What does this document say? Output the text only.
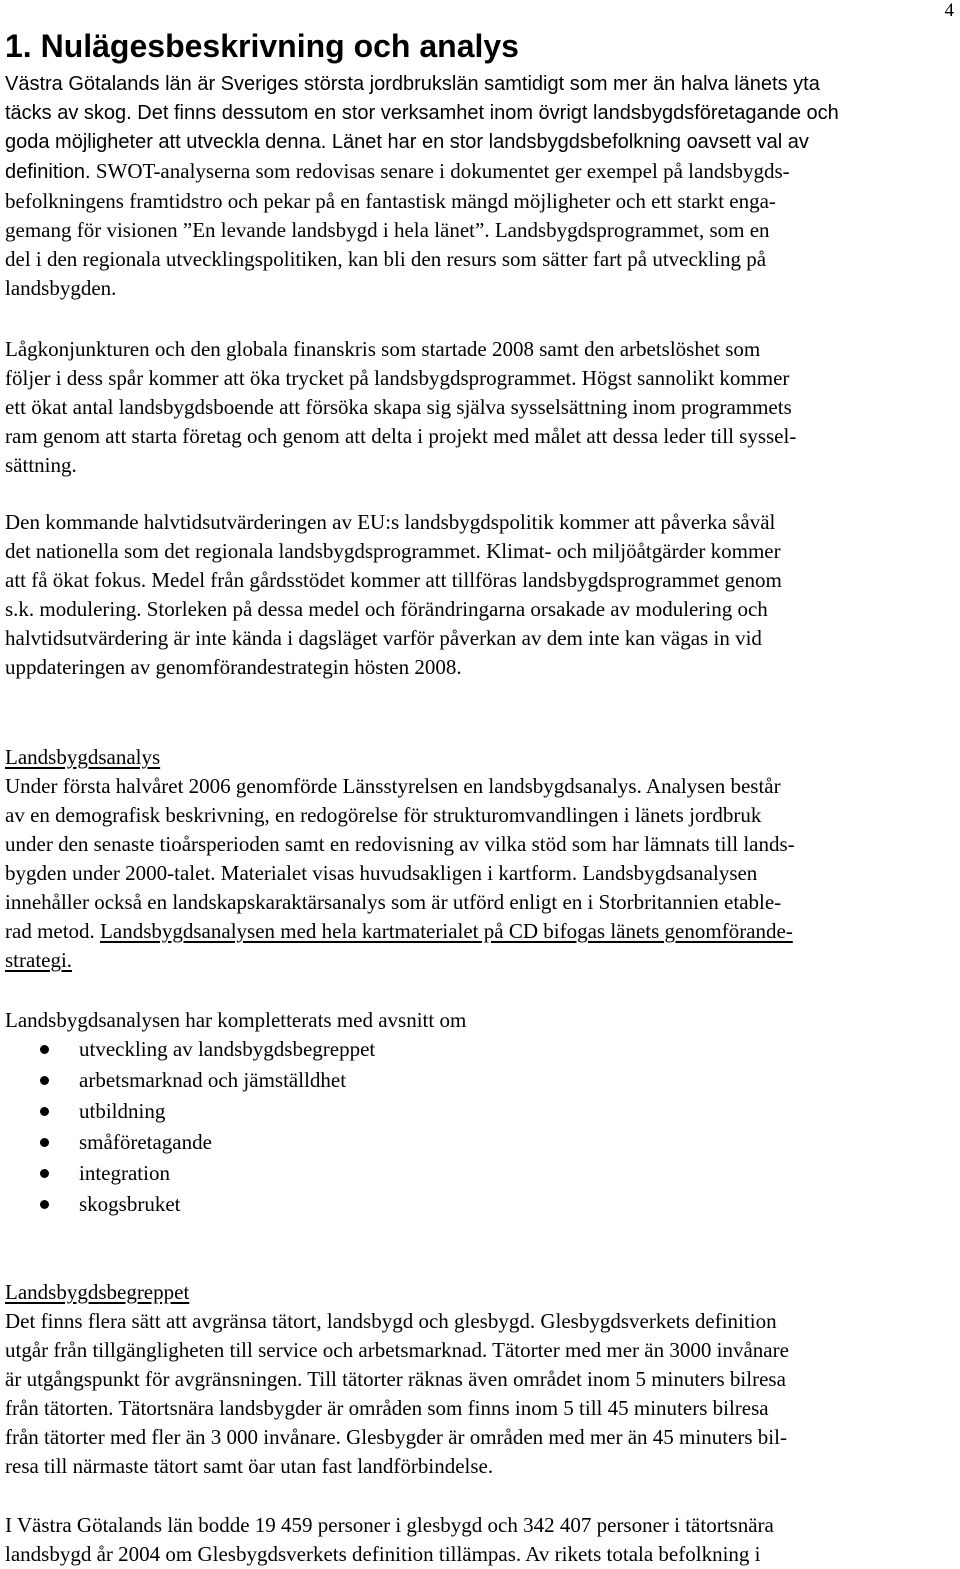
4
1. Nulägesbeskrivning och analys
Västra Götalands län är Sveriges största jordbrukslän samtidigt som mer än halva länets yta
täcks av skog. Det finns dessutom en stor verksamhet inom övrigt landsbygdsföretagande och
goda möjligheter att utveckla denna. Länet har en stor landsbygdsbefolkning oavsett val av
definition. SWOT-analyserna som redovisas senare i dokumentet ger exempel på landsbygds-
befolkningens framtidstro och pekar på en fantastisk mängd möjligheter och ett starkt enga-
gemang för visionen ”En levande landsbygd i hela länet”. Landsbygdsprogrammet, som en
del i den regionala utvecklingspolitiken, kan bli den resurs som sätter fart på utveckling på
landsbygden.
Lågkonjunkturen och den globala finanskris som startade 2008 samt den arbetslöshet som
följer i dess spår kommer att öka trycket på landsbygdsprogrammet. Högst sannolikt kommer
ett ökat antal landsbygdsboende att försöka skapa sig själva sysselsättning inom programmets
ram genom att starta företag och genom att delta i projekt med målet att dessa leder till syssel-
sättning.
Den kommande halvtidsutvärderingen av EU:s landsbygdspolitik kommer att påverka såväl
det nationella som det regionala landsbygdsprogrammet. Klimat- och miljöåtgärder kommer
att få ökat fokus. Medel från gårdsstödet kommer att tillföras landsbygdsprogrammet genom
s.k. modulering. Storleken på dessa medel och förändringarna orsakade av modulering och
halvtidsutvärdering är inte kända i dagsläget varför påverkan av dem inte kan vägas in vid
uppdateringen av genomförandestrategin hösten 2008.
Landsbygdsanalys
Under första halvåret 2006 genomförde Länsstyrelsen en landsbygdsanalys. Analysen består
av en demografisk beskrivning, en redogörelse för strukturomvandlingen i länets jordbruk
under den senaste tioårsperioden samt en redovisning av vilka stöd som har lämnats till lands-
bygden under 2000-talet. Materialet visas huvudsakligen i kartform. Landsbygdsanalysen
innehåller också en landskapskaraktärsanalys som är utförd enligt en i Storbritannien etable-
rad metod. Landsbygdsanalysen med hela kartmaterialet på CD bifogas länets genomförande-
strategi.
Landsbygdsanalysen har kompletterats med avsnitt om
utveckling av landsbygdsbegreppet
arbetsmarknad och jämställdhet
utbildning
småföretagande
integration
skogsbruket
Landsbygdsbegreppet
Det finns flera sätt att avgränsa tätort, landsbygd och glesbygd. Glesbygdsverkets definition
utgår från tillgängligheten till service och arbetsmarknad. Tätorter med mer än 3000 invånare
är utgångspunkt för avgränsningen. Till tätorter räknas även området inom 5 minuters bilresa
från tätorten. Tätortsnära landsbygder är områden som finns inom 5 till 45 minuters bilresa
från tätorter med fler än 3 000 invånare. Glesbygder är områden med mer än 45 minuters bil-
resa till närmaste tätort samt öar utan fast landförbindelse.
I Västra Götalands län bodde 19 459 personer i glesbygd och 342 407 personer i tätortsnära
landsbygd år 2004 om Glesbygdsverkets definition tillämpas. Av rikets totala befolkning i
